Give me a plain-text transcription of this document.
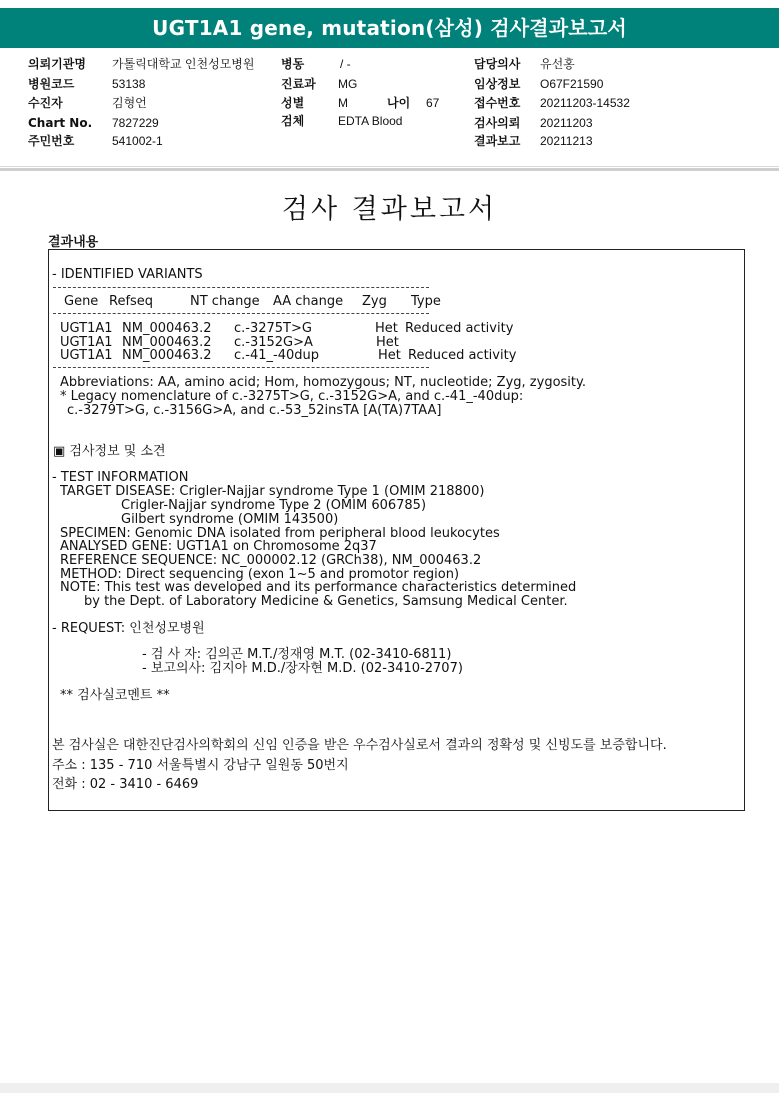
UGT1A1 gene, mutation(삼성) 검사결과보고서
의뢰기관명 가톨릭대학교 인천성모병원 병동	/ -	담당의사 유선홍
병원코드	53138	진료과 MG	임상정보 O67F21590
수진자	김형언	성별	M	나이 67	접수번호 20211203-14532
Chart No. 7827229	검체	EDTA Blood	검사의뢰 20211203
주민번호	541002-1	결과보고 20211213
검사 결과보고서
결과내용
- IDENTIFIED VARIANTS
Gene Refseq	NT change AA change Zyg Type
UGT1A1 NM_000463.2 c.-3275T>G	Het Reduced activity
UGT1A1 NM_000463.2 c.-3152G>A	Het
UGT1A1 NM_000463.2 c.-41_-40dup	Het Reduced activity
Abbreviations: AA, amino acid; Hom, homozygous; NT, nucleotide; Zyg, zygosity.
* Legacy nomenclature of c.-3275T>G, c.-3152G>A, and c.-41_-40dup:
c.-3279T>G, c.-3156G>A, and c.-53_52insTA [A(TA)7TAA]
▣ 검사정보 및 소견
- TEST INFORMATION
TARGET DISEASE: Crigler-Najjar syndrome Type 1 (OMIM 218800)
Crigler-Najjar syndrome Type 2 (OMIM 606785)
Gilbert syndrome (OMIM 143500)
SPECIMEN: Genomic DNA isolated from peripheral blood leukocytes
ANALYSED GENE: UGT1A1 on Chromosome 2q37
REFERENCE SEQUENCE: NC_000002.12 (GRCh38), NM_000463.2
METHOD: Direct sequencing (exon 1~5 and promotor region)
NOTE: This test was developed and its performance characteristics determined
by the Dept. of Laboratory Medicine & Genetics, Samsung Medical Center.
- REQUEST: 인천성모병원
- 검 사 자: 김의곤 M.T./정재영 M.T. (02-3410-6811)
- 보고의사: 김지아 M.D./장자현 M.D. (02-3410-2707)
** 검사실코멘트 **
본 검사실은 대한진단검사의학회의 신임 인증을 받은 우수검사실로서 결과의 정확성 및 신빙도를 보증합니다.
주소 : 135 - 710 서울특별시 강남구 일원동 50번지
전화 : 02 - 3410 - 6469
